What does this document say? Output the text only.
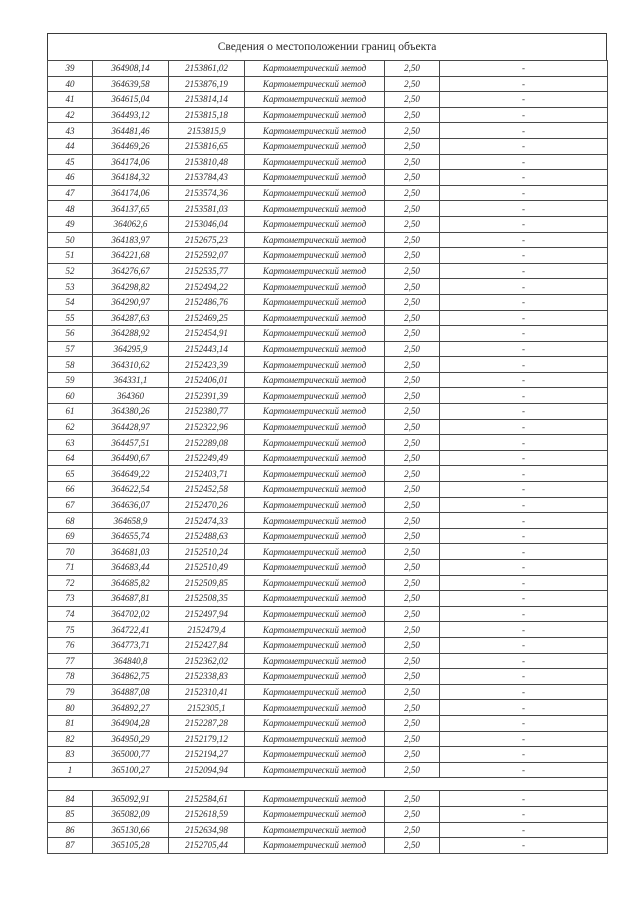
Сведения о местоположении границ объекта
39	364908,14	2153861,02	Картометрический метод	2,50	-
40	364639,58	2153876,19	Картометрический метод	2,50	-
41	364615,04	2153814,14	Картометрический метод	2,50	-
42	364493,12	2153815,18	Картометрический метод	2,50	-
43	364481,46	2153815,9	Картометрический метод	2,50	-
44	364469,26	2153816,65	Картометрический метод	2,50	-
45	364174,06	2153810,48	Картометрический метод	2,50	-
46	364184,32	2153784,43	Картометрический метод	2,50	-
47	364174,06	2153574,36	Картометрический метод	2,50	-
48	364137,65	2153581,03	Картометрический метод	2,50	-
49	364062,6	2153046,04	Картометрический метод	2,50	-
50	364183,97	2152675,23	Картометрический метод	2,50	-
51	364221,68	2152592,07	Картометрический метод	2,50	-
52	364276,67	2152535,77	Картометрический метод	2,50	-
53	364298,82	2152494,22	Картометрический метод	2,50	-
54	364290,97	2152486,76	Картометрический метод	2,50	-
55	364287,63	2152469,25	Картометрический метод	2,50	-
56	364288,92	2152454,91	Картометрический метод	2,50	-
57	364295,9	2152443,14	Картометрический метод	2,50	-
58	364310,62	2152423,39	Картометрический метод	2,50	-
59	364331,1	2152406,01	Картометрический метод	2,50	-
60	364360	2152391,39	Картометрический метод	2,50	-
61	364380,26	2152380,77	Картометрический метод	2,50	-
62	364428,97	2152322,96	Картометрический метод	2,50	-
63	364457,51	2152289,08	Картометрический метод	2,50	-
64	364490,67	2152249,49	Картометрический метод	2,50	-
65	364649,22	2152403,71	Картометрический метод	2,50	-
66	364622,54	2152452,58	Картометрический метод	2,50	-
67	364636,07	2152470,26	Картометрический метод	2,50	-
68	364658,9	2152474,33	Картометрический метод	2,50	-
69	364655,74	2152488,63	Картометрический метод	2,50	-
70	364681,03	2152510,24	Картометрический метод	2,50	-
71	364683,44	2152510,49	Картометрический метод	2,50	-
72	364685,82	2152509,85	Картометрический метод	2,50	-
73	364687,81	2152508,35	Картометрический метод	2,50	-
74	364702,02	2152497,94	Картометрический метод	2,50	-
75	364722,41	2152479,4	Картометрический метод	2,50	-
76	364773,71	2152427,84	Картометрический метод	2,50	-
77	364840,8	2152362,02	Картометрический метод	2,50	-
78	364862,75	2152338,83	Картометрический метод	2,50	-
79	364887,08	2152310,41	Картометрический метод	2,50	-
80	364892,27	2152305,1	Картометрический метод	2,50	-
81	364904,28	2152287,28	Картометрический метод	2,50	-
82	364950,29	2152179,12	Картометрический метод	2,50	-
83	365000,77	2152194,27	Картометрический метод	2,50	-
1	365100,27	2152094,94	Картометрический метод	2,50	-

84	365092,91	2152584,61	Картометрический метод	2,50	-
85	365082,09	2152618,59	Картометрический метод	2,50	-
86	365130,66	2152634,98	Картометрический метод	2,50	-
87	365105,28	2152705,44	Картометрический метод	2,50	-
